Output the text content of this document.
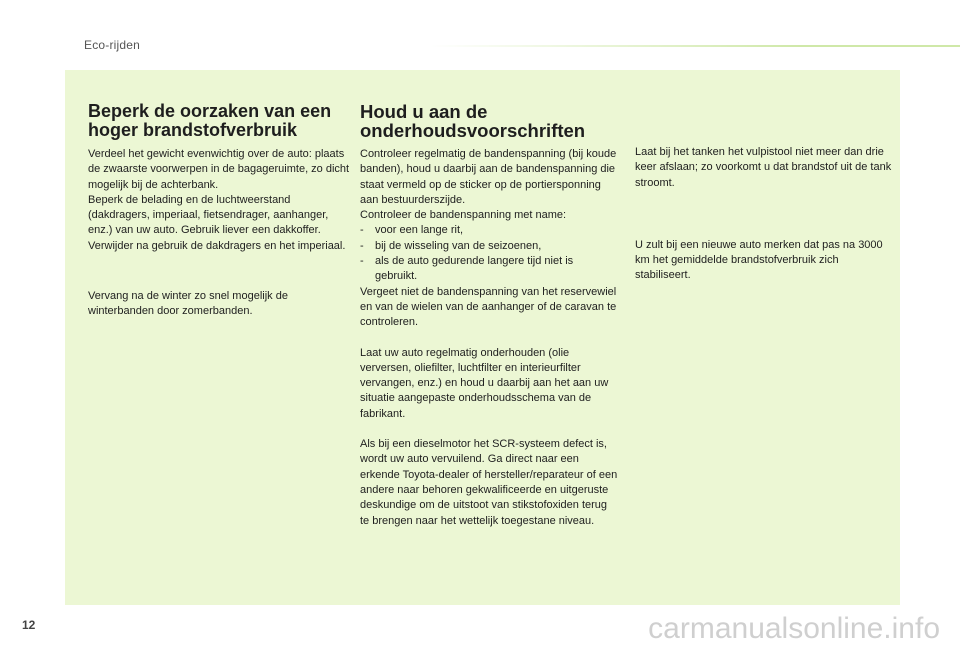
Eco-rijden
Beperk de oorzaken van een hoger brandstofverbruik

Verdeel het gewicht evenwichtig over de auto: plaats de zwaarste voorwerpen in de bagageruimte, zo dicht mogelijk bij de achterbank.

Beperk de belading en de luchtweerstand (dakdragers, imperiaal, fietsendrager, aanhanger, enz.) van uw auto. Gebruik liever een dakkoffer.

Verwijder na gebruik de dakdragers en het imperiaal.

Vervang na de winter zo snel mogelijk de winterbanden door zomerbanden.

Houd u aan de onderhoudsvoorschriften

Controleer regelmatig de bandenspanning (bij koude banden), houd u daarbij aan de bandenspanning die staat vermeld op de sticker op de portiersponning aan bestuurderszijde.

Controleer de bandenspanning met name:

-	voor een lange rit,
-	bij de wisseling van de seizoenen,
-	als de auto gedurende langere tijd niet is gebruikt.

Vergeet niet de bandenspanning van het reservewiel en van de wielen van de aanhanger of de caravan te controleren.

Laat uw auto regelmatig onderhouden (olie verversen, oliefilter, luchtfilter en interieurfilter vervangen, enz.) en houd u daarbij aan het aan uw situatie aangepaste onderhoudsschema van de fabrikant.

Als bij een dieselmotor het SCR-systeem defect is, wordt uw auto vervuilend. Ga direct naar een erkende Toyota-dealer of hersteller/reparateur of een andere naar behoren gekwalificeerde en uitgeruste deskundige om de uitstoot van stikstofoxiden terug te brengen naar het wettelijk toegestane niveau.

Laat bij het tanken het vulpistool niet meer dan drie keer afslaan; zo voorkomt u dat brandstof uit de tank stroomt.

U zult bij een nieuwe auto merken dat pas na 3000 km het gemiddelde brandstofverbruik zich stabiliseert.

12	carmanualsonline.info
